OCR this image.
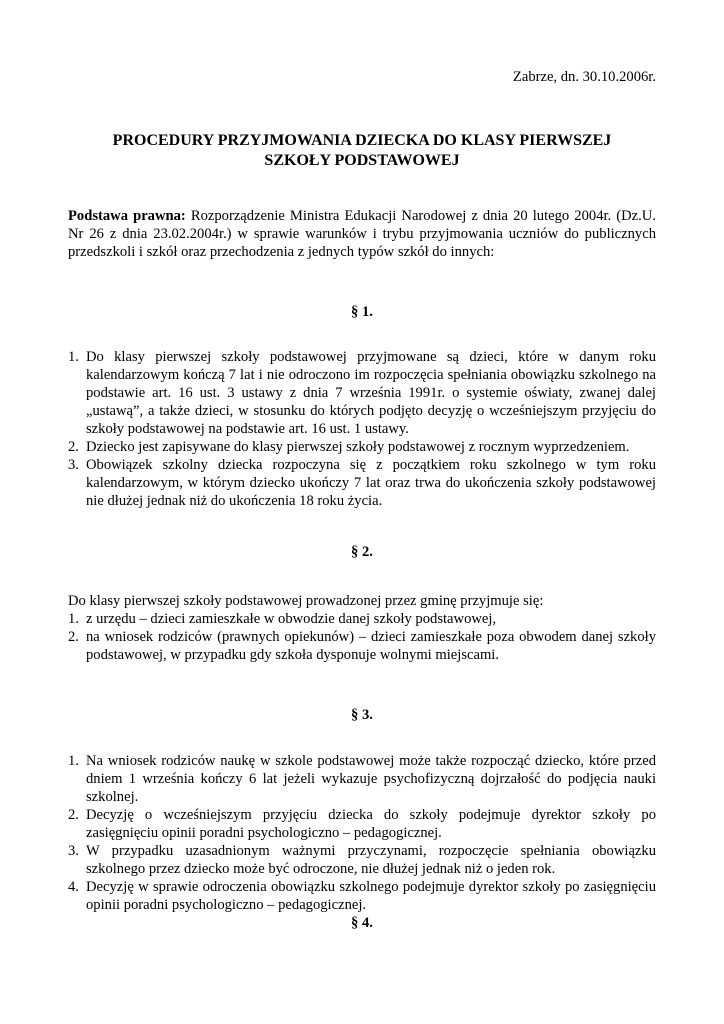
Zabrze, dn. 30.10.2006r.
PROCEDURY PRZYJMOWANIA DZIECKA DO KLASY PIERWSZEJ
SZKOŁY PODSTAWOWEJ
Podstawa prawna: Rozporządzenie Ministra Edukacji Narodowej z dnia 20 lutego 2004r. (Dz.U. Nr 26 z dnia 23.02.2004r.) w sprawie warunków i trybu przyjmowania uczniów do publicznych przedszkoli i szkół oraz przechodzenia z jednych typów szkół do innych:
§ 1.
1. Do klasy pierwszej szkoły podstawowej przyjmowane są dzieci, które w danym roku kalendarzowym kończą 7 lat i nie odroczono im rozpoczęcia spełniania obowiązku szkolnego na podstawie art. 16 ust. 3 ustawy z dnia 7 września 1991r. o systemie oświaty, zwanej dalej „ustawą”, a także dzieci, w stosunku do których podjęto decyzję o wcześniejszym przyjęciu do szkoły podstawowej na podstawie art. 16 ust. 1 ustawy.
2. Dziecko jest zapisywane do klasy pierwszej szkoły podstawowej z rocznym wyprzedzeniem.
3. Obowiązek szkolny dziecka rozpoczyna się z początkiem roku szkolnego w tym roku kalendarzowym, w którym dziecko ukończy 7 lat oraz trwa do ukończenia szkoły podstawowej nie dłużej jednak niż do ukończenia 18 roku życia.
§ 2.
Do klasy pierwszej szkoły podstawowej prowadzonej przez gminę przyjmuje się:
1. z urzędu – dzieci zamieszkałe w obwodzie danej szkoły podstawowej,
2. na wniosek rodziców (prawnych opiekunów) – dzieci zamieszkałe poza obwodem danej szkoły podstawowej, w przypadku gdy szkoła dysponuje wolnymi miejscami.
§ 3.
1. Na wniosek rodziców naukę w szkole podstawowej może także rozpocząć dziecko, które przed dniem 1 września kończy 6 lat jeżeli wykazuje psychofizyczną dojrzałość do podjęcia nauki szkolnej.
2. Decyzję o wcześniejszym przyjęciu dziecka do szkoły podejmuje dyrektor szkoły po zasięgnięciu opinii poradni psychologiczno – pedagogicznej.
3. W przypadku uzasadnionym ważnymi przyczynami, rozpoczęcie spełniania obowiązku szkolnego przez dziecko może być odroczone, nie dłużej jednak niż o jeden rok.
4. Decyzję w sprawie odroczenia obowiązku szkolnego podejmuje dyrektor szkoły po zasięgnięciu opinii poradni psychologiczno – pedagogicznej.
§ 4.
